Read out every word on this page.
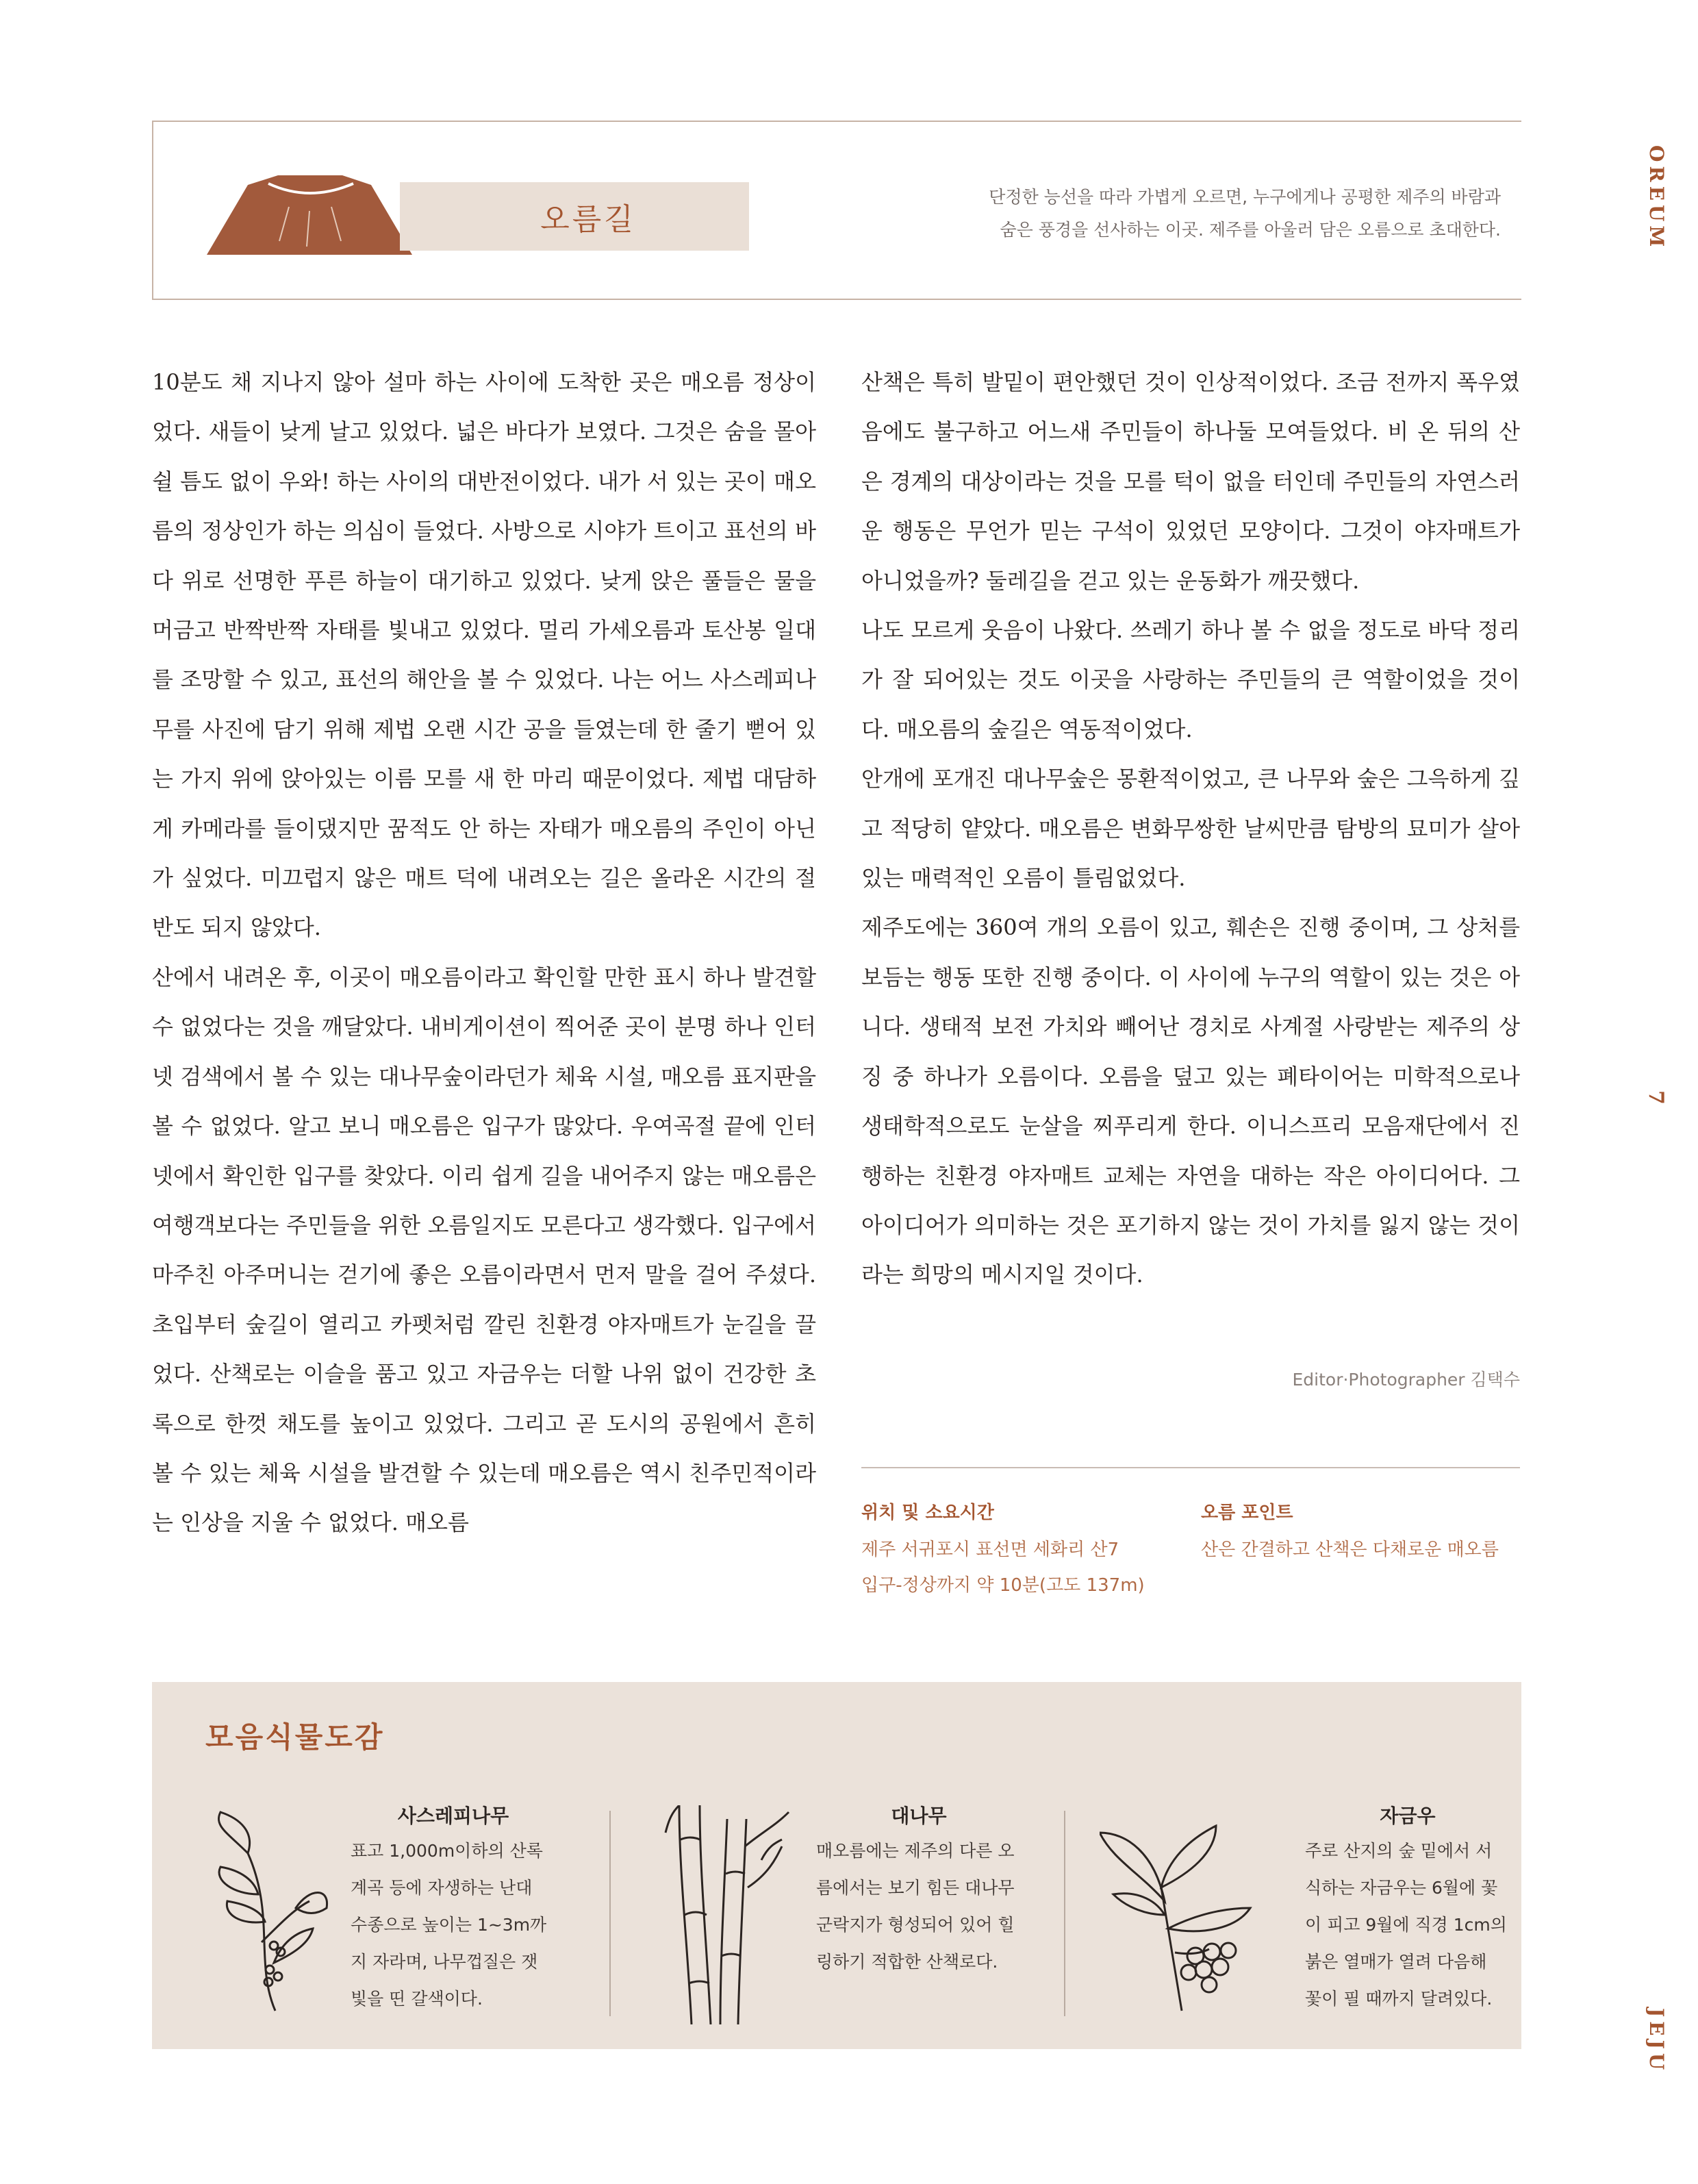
오름길
단정한 능선을 따라 가볍게 오르면, 누구에게나 공평한 제주의 바람과
숨은 풍경을 선사하는 이곳. 제주를 아울러 담은 오름으로 초대한다.	OREUM
7
JEJU

10분도 채 지나지 않아 설마 하는 사이에 도착한 곳은 매오름 정상이었다. 새들이 낮게 날고 있었다. 넓은 바다가 보였다. 그것은 숨을 몰아쉴 틈도 없이 우와! 하는 사이의 대반전이었다. 내가 서 있는 곳이 매오름의 정상인가 하는 의심이 들었다. 사방으로 시야가 트이고 표선의 바다 위로 선명한 푸른 하늘이 대기하고 있었다. 낮게 앉은 풀들은 물을 머금고 반짝반짝 자태를 빛내고 있었다. 멀리 가세오름과 토산봉 일대를 조망할 수 있고, 표선의 해안을 볼 수 있었다. 나는 어느 사스레피나무를 사진에 담기 위해 제법 오랜 시간 공을 들였는데 한 줄기 뻗어 있는 가지 위에 앉아있는 이름 모를 새 한 마리 때문이었다. 제법 대담하게 카메라를 들이댔지만 꿈적도 안 하는 자태가 매오름의 주인이 아닌가 싶었다. 미끄럽지 않은 매트 덕에 내려오는 길은 올라온 시간의 절반도 되지 않았다.

산에서 내려온 후, 이곳이 매오름이라고 확인할 만한 표시 하나 발견할 수 없었다는 것을 깨달았다. 내비게이션이 찍어준 곳이 분명 하나 인터넷 검색에서 볼 수 있는 대나무숲이라던가 체육 시설, 매오름 표지판을 볼 수 없었다. 알고 보니 매오름은 입구가 많았다. 우여곡절 끝에 인터넷에서 확인한 입구를 찾았다. 이리 쉽게 길을 내어주지 않는 매오름은 여행객보다는 주민들을 위한 오름일지도 모른다고 생각했다. 입구에서 마주친 아주머니는 걷기에 좋은 오름이라면서 먼저 말을 걸어 주셨다. 초입부터 숲길이 열리고 카펫처럼 깔린 친환경 야자매트가 눈길을 끌었다. 산책로는 이슬을 품고 있고 자금우는 더할 나위 없이 건강한 초록으로 한껏 채도를 높이고 있었다. 그리고 곧 도시의 공원에서 흔히 볼 수 있는 체육 시설을 발견할 수 있는데 매오름은 역시 친주민적이라는 인상을 지울 수 없었다. 매오름

산책은 특히 발밑이 편안했던 것이 인상적이었다. 조금 전까지 폭우였음에도 불구하고 어느새 주민들이 하나둘 모여들었다. 비 온 뒤의 산은 경계의 대상이라는 것을 모를 턱이 없을 터인데 주민들의 자연스러운 행동은 무언가 믿는 구석이 있었던 모양이다. 그것이 야자매트가 아니었을까? 둘레길을 걷고 있는 운동화가 깨끗했다.

나도 모르게 웃음이 나왔다. 쓰레기 하나 볼 수 없을 정도로 바닥 정리가 잘 되어있는 것도 이곳을 사랑하는 주민들의 큰 역할이었을 것이다. 매오름의 숲길은 역동적이었다.

안개에 포개진 대나무숲은 몽환적이었고, 큰 나무와 숲은 그윽하게 깊고 적당히 얕았다. 매오름은 변화무쌍한 날씨만큼 탐방의 묘미가 살아있는 매력적인 오름이 틀림없었다.

제주도에는 360여 개의 오름이 있고, 훼손은 진행 중이며, 그 상처를 보듬는 행동 또한 진행 중이다. 이 사이에 누구의 역할이 있는 것은 아니다. 생태적 보전 가치와 빼어난 경치로 사계절 사랑받는 제주의 상징 중 하나가 오름이다. 오름을 덮고 있는 폐타이어는 미학적으로나 생태학적으로도 눈살을 찌푸리게 한다. 이니스프리 모음재단에서 진행하는 친환경 야자매트 교체는 자연을 대하는 작은 아이디어다. 그 아이디어가 의미하는 것은 포기하지 않는 것이 가치를 잃지 않는 것이라는 희망의 메시지일 것이다.

Editor·Photographer 김택수
위치 및 소요시간
제주 서귀포시 표선면 세화리 산7
입구-정상까지 약 10분(고도 137m)
오름 포인트
산은 간결하고 산책은 다채로운 매오름
모음식물도감
사스레피나무
표고 1,000m이하의 산록
계곡 등에 자생하는 난대
수종으로 높이는 1~3m까
지 자라며, 나무껍질은 잿
빛을 띤 갈색이다.
대나무
매오름에는 제주의 다른 오
름에서는 보기 힘든 대나무
군락지가 형성되어 있어 힐
링하기 적합한 산책로다.
자금우
주로 산지의 숲 밑에서 서
식하는 자금우는 6월에 꽃
이 피고 9월에 직경 1cm의
붉은 열매가 열려 다음해
꽃이 필 때까지 달려있다.
